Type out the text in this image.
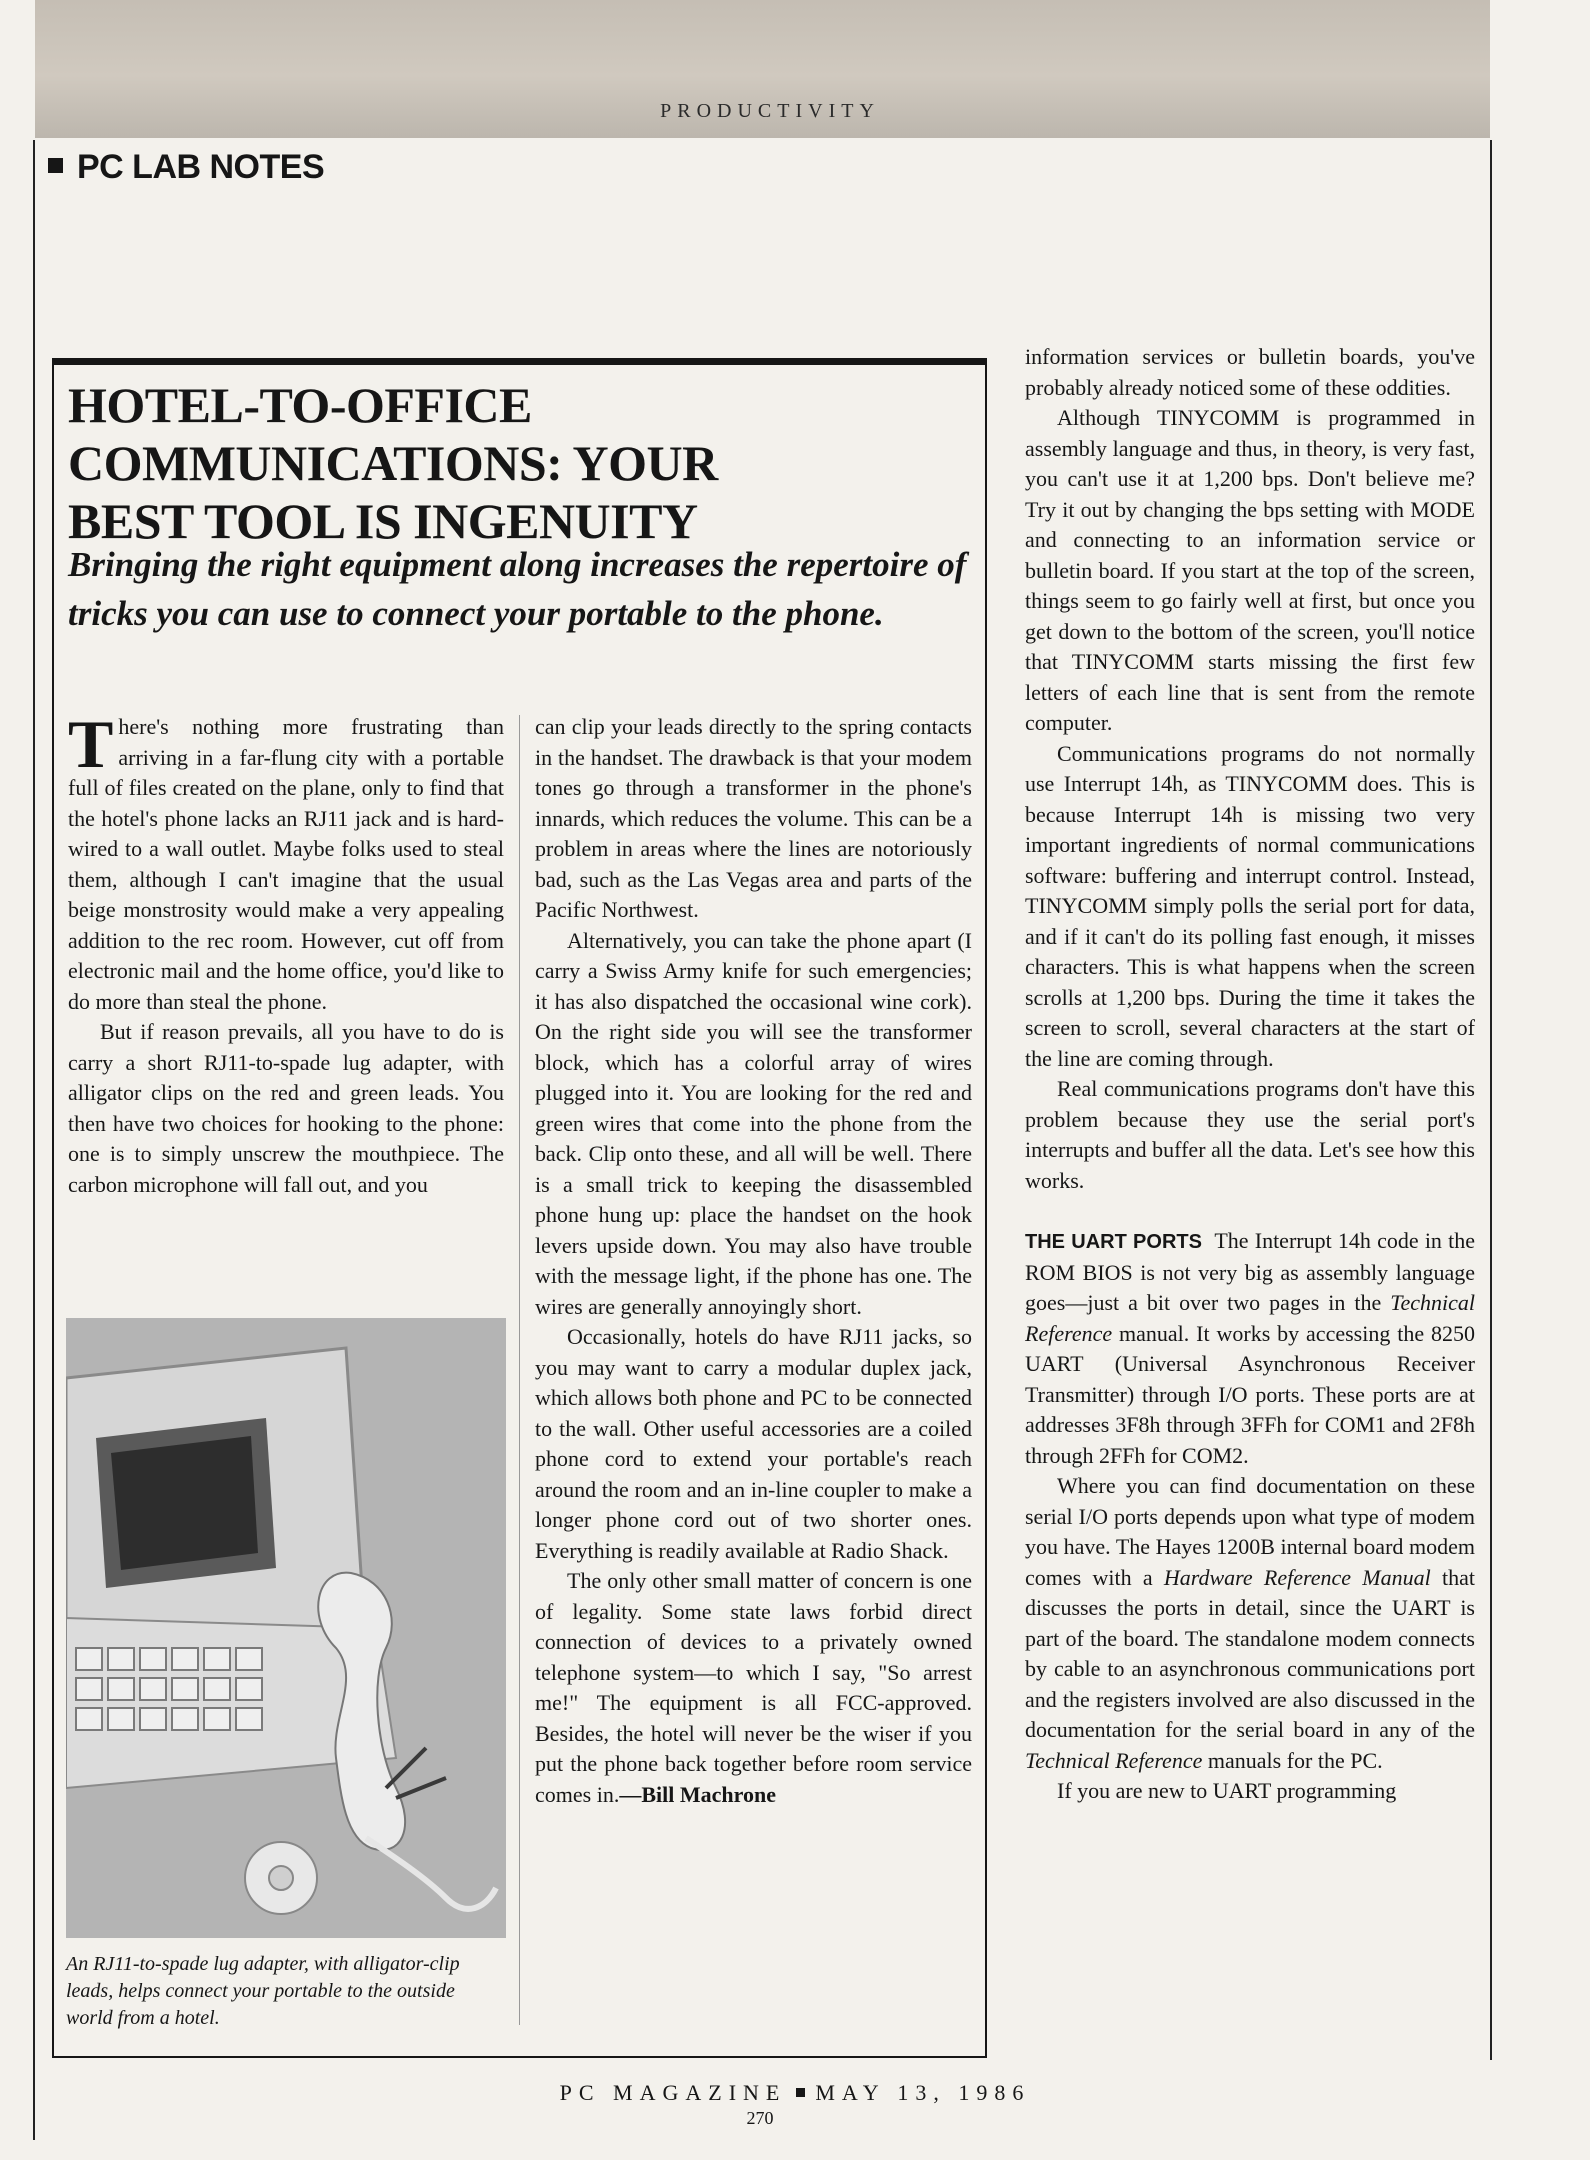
PRODUCTIVITY
PC LAB NOTES
HOTEL-TO-OFFICE
COMMUNICATIONS: YOUR
BEST TOOL IS INGENUITY

Bringing the right equipment along increases the repertoire of tricks you can use to connect your portable to the phone.

There's nothing more frustrating than arriving in a far-flung city with a portable full of files created on the plane, only to find that the hotel's phone lacks an RJ11 jack and is hard-wired to a wall outlet. Maybe folks used to steal them, although I can't imagine that the usual beige monstrosity would make a very appealing addition to the rec room. However, cut off from electronic mail and the home office, you'd like to do more than steal the phone.

But if reason prevails, all you have to do is carry a short RJ11-to-spade lug adapter, with alligator clips on the red and green leads. You then have two choices for hooking to the phone: one is to simply unscrew the mouthpiece. The carbon microphone will fall out, and you

An RJ11-to-spade lug adapter, with alligator-clip leads, helps connect your portable to the outside world from a hotel.

can clip your leads directly to the spring contacts in the handset. The drawback is that your modem tones go through a transformer in the phone's innards, which reduces the volume. This can be a problem in areas where the lines are notoriously bad, such as the Las Vegas area and parts of the Pacific Northwest.

Alternatively, you can take the phone apart (I carry a Swiss Army knife for such emergencies; it has also dispatched the occasional wine cork). On the right side you will see the transformer block, which has a colorful array of wires plugged into it. You are looking for the red and green wires that come into the phone from the back. Clip onto these, and all will be well. There is a small trick to keeping the disassembled phone hung up: place the handset on the hook levers upside down. You may also have trouble with the message light, if the phone has one. The wires are generally annoyingly short.

Occasionally, hotels do have RJ11 jacks, so you may want to carry a modular duplex jack, which allows both phone and PC to be connected to the wall. Other useful accessories are a coiled phone cord to extend your portable's reach around the room and an in-line coupler to make a longer phone cord out of two shorter ones. Everything is readily available at Radio Shack.

The only other small matter of concern is one of legality. Some state laws forbid direct connection of devices to a privately owned telephone system—to which I say, "So arrest me!" The equipment is all FCC-approved. Besides, the hotel will never be the wiser if you put the phone back together before room service comes in.—Bill Machrone

information services or bulletin boards, you've probably already noticed some of these oddities.

Although TINYCOMM is programmed in assembly language and thus, in theory, is very fast, you can't use it at 1,200 bps. Don't believe me? Try it out by changing the bps setting with MODE and connecting to an information service or bulletin board. If you start at the top of the screen, things seem to go fairly well at first, but once you get down to the bottom of the screen, you'll notice that TINYCOMM starts missing the first few letters of each line that is sent from the remote computer.

Communications programs do not normally use Interrupt 14h, as TINYCOMM does. This is because Interrupt 14h is missing two very important ingredients of normal communications software: buffering and interrupt control. Instead, TINYCOMM simply polls the serial port for data, and if it can't do its polling fast enough, it misses characters. This is what happens when the screen scrolls at 1,200 bps. During the time it takes the screen to scroll, several characters at the start of the line are coming through.

Real communications programs don't have this problem because they use the serial port's interrupts and buffer all the data. Let's see how this works.

THE UART PORTS The Interrupt 14h code in the ROM BIOS is not very big as assembly language goes—just a bit over two pages in the Technical Reference manual. It works by accessing the 8250 UART (Universal Asynchronous Receiver Transmitter) through I/O ports. These ports are at addresses 3F8h through 3FFh for COM1 and 2F8h through 2FFh for COM2.

Where you can find documentation on these serial I/O ports depends upon what type of modem you have. The Hayes 1200B internal board modem comes with a Hardware Reference Manual that discusses the ports in detail, since the UART is part of the board. The standalone modem connects by cable to an asynchronous communications port and the registers involved are also discussed in the documentation for the serial board in any of the Technical Reference manuals for the PC.

If you are new to UART programming

PC MAGAZINE MAY 13, 1986

270
